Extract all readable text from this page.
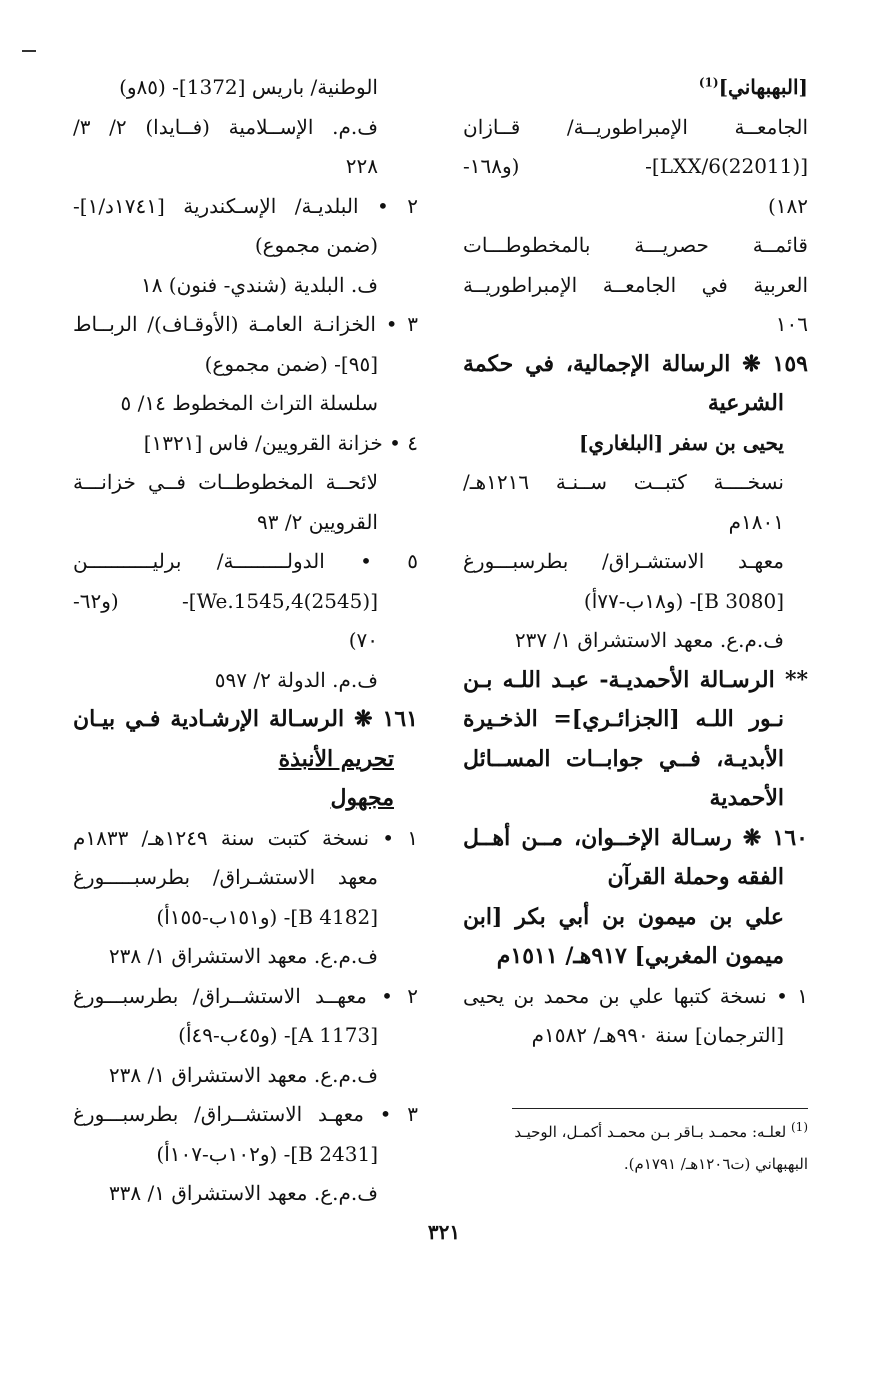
[البهبهاني]$^{(1)}$
الجامعــة الإمبراطوريــة/ قــازان
[LXX/6(22011)]- (و١٦٨-
١٨٢)
قائمــة حصريـــة بالمخطوطـــات
العربية في الجامعــة الإمبراطوريــة
١٠٦
١٥٩ ❋ الرسالة الإجمالية، في حكمة
الشرعية
يحيى بن سفر [البلغاري]
نسخــــة كتبــت ســنـة ١٢١٦هـ/
١٨٠١م
معهـد الاستشـراق/ بطرسبـــورغ
[B 3080]- (و١٨ب-٧٧أ)
ف.م.ع. معهد الاستشراق ١/ ٢٣٧
** الرسـالة الأحمديـة- عبـد اللـه بـن
نـور اللـه [الجزائـري]= الذخـيرة
الأبديـة، فــي جوابــات المســائل
الأحمدية
١٦٠ ❋ رسـالة الإخــوان، مــن أهــل
الفقه وحملة القرآن
علي بن ميمون بن أبي بكر [ابن
ميمون المغربي] ٩١٧هـ/ ١٥١١م
١ • نسخة كتبها علي بن محمد بن يحيى
[الترجمان] سنة ٩٩٠هـ/ ١٥٨٢م
الوطنية/ باريس [1372]- (٨٥و)
ف.م. الإســلامية (فــايدا) ٢/ ٣/
٢٢٨
٢ • البلديـة/ الإسـكندرية [١٧٤١د/١]-
(ضمن مجموع)
ف. البلدية (شندي- فنون) ١٨
٣ • الخزانـة العامـة (الأوقـاف)/ الربــاط
[٩٥]- (ضمن مجموع)
سلسلة التراث المخطوط ١٤/ ٥
٤ • خزانة القرويين/ فاس [١٣٢١]
لائحــة المخطوطــات فــي خزانـــة
القرويين ٢/ ٩٣
٥ • الدولـــــــــة/ برليـــــــــــن
[(2545)We.1545,4]- (و٦٢-
٧٠)
ف.م. الدولة ٢/ ٥٩٧
١٦١ ❋ الرسـالة الإرشـادية فـي بيـان
تحريم الأنبذة
مجهول
١ • نسخة كتبت سنة ١٢٤٩هـ/ ١٨٣٣م
معهد الاستشـراق/ بطرسبـــــورغ
[B 4182]- (و١٥١ب-١٥٥أ)
ف.م.ع. معهد الاستشراق ١/ ٢٣٨
٢ • معهــد الاستشــراق/ بطرسبـــورغ
[A 1173]- (و٤٥ب-٤٩أ)
ف.م.ع. معهد الاستشراق ١/ ٢٣٨
٣ • معهـد الاستشــراق/ بطرسبـــورغ
[B 2431]- (و١٠٢ب-١٠٧أ)
ف.م.ع. معهد الاستشراق ١/ ٣٣٨
$^{(1)}$ لعلـه: محمـد بـاقر بـن محمـد أكمـل، الوحيـد
البهبهاني (ت١٢٠٦هـ/ ١٧٩١م).
٣٢١
